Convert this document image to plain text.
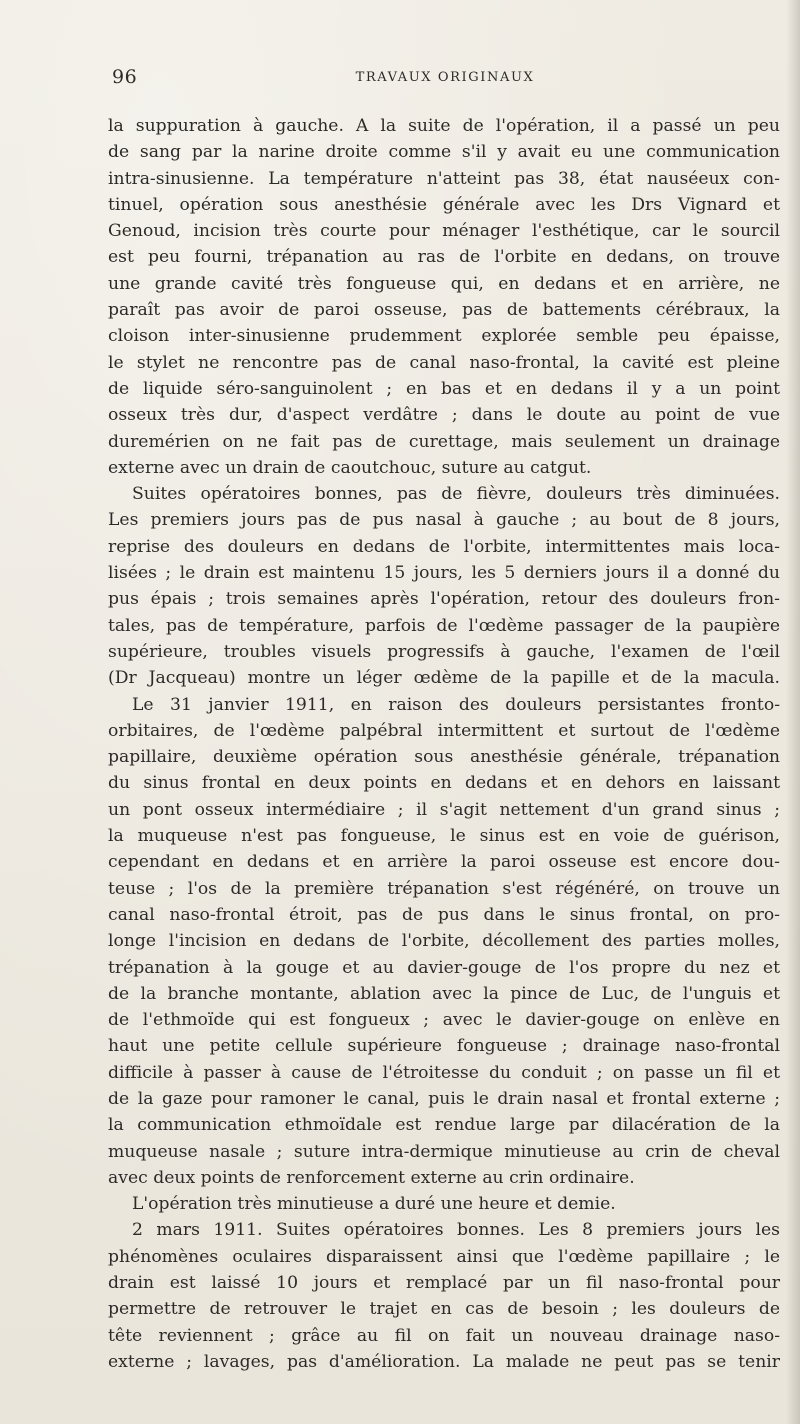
96	TRAVAUX ORIGINAUX
la suppuration à gauche. A la suite de l'opération, il a passé un peu
de sang par la narine droite comme s'il y avait eu une communication
intra-sinusienne. La température n'atteint pas 38, état nauséeux con-
tinuel, opération sous anesthésie générale avec les Drs Vignard et
Genoud, incision très courte pour ménager l'esthétique, car le sourcil
est peu fourni, trépanation au ras de l'orbite en dedans, on trouve
une grande cavité très fongueuse qui, en dedans et en arrière, ne
paraît pas avoir de paroi osseuse, pas de battements cérébraux, la
cloison inter-sinusienne prudemment explorée semble peu épaisse,
le stylet ne rencontre pas de canal naso-frontal, la cavité est pleine
de liquide séro-sanguinolent ; en bas et en dedans il y a un point
osseux très dur, d'aspect verdâtre ; dans le doute au point de vue
duremérien on ne fait pas de curettage, mais seulement un drainage
externe avec un drain de caoutchouc, suture au catgut.
Suites opératoires bonnes, pas de fièvre, douleurs très diminuées.
Les premiers jours pas de pus nasal à gauche ; au bout de 8 jours,
reprise des douleurs en dedans de l'orbite, intermittentes mais loca-
lisées ; le drain est maintenu 15 jours, les 5 derniers jours il a donné du
pus épais ; trois semaines après l'opération, retour des douleurs fron-
tales, pas de température, parfois de l'œdème passager de la paupière
supérieure, troubles visuels progressifs à gauche, l'examen de l'œil
(Dr Jacqueau) montre un léger œdème de la papille et de la macula.
Le 31 janvier 1911, en raison des douleurs persistantes fronto-
orbitaires, de l'œdème palpébral intermittent et surtout de l'œdème
papillaire, deuxième opération sous anesthésie générale, trépanation
du sinus frontal en deux points en dedans et en dehors en laissant
un pont osseux intermédiaire ; il s'agit nettement d'un grand sinus ;
la muqueuse n'est pas fongueuse, le sinus est en voie de guérison,
cependant en dedans et en arrière la paroi osseuse est encore dou-
teuse ; l'os de la première trépanation s'est régénéré, on trouve un
canal naso-frontal étroit, pas de pus dans le sinus frontal, on pro-
longe l'incision en dedans de l'orbite, décollement des parties molles,
trépanation à la gouge et au davier-gouge de l'os propre du nez et
de la branche montante, ablation avec la pince de Luc, de l'unguis et
de l'ethmoïde qui est fongueux ; avec le davier-gouge on enlève en
haut une petite cellule supérieure fongueuse ; drainage naso-frontal
difficile à passer à cause de l'étroitesse du conduit ; on passe un fil et
de la gaze pour ramoner le canal, puis le drain nasal et frontal externe ;
la communication ethmoïdale est rendue large par dilacération de la
muqueuse nasale ; suture intra-dermique minutieuse au crin de cheval
avec deux points de renforcement externe au crin ordinaire.
L'opération très minutieuse a duré une heure et demie.
2 mars 1911. Suites opératoires bonnes. Les 8 premiers jours les
phénomènes oculaires disparaissent ainsi que l'œdème papillaire ; le
drain est laissé 10 jours et remplacé par un fil naso-frontal pour
permettre de retrouver le trajet en cas de besoin ; les douleurs de
tête reviennent ; grâce au fil on fait un nouveau drainage naso-
externe ; lavages, pas d'amélioration. La malade ne peut pas se tenir
